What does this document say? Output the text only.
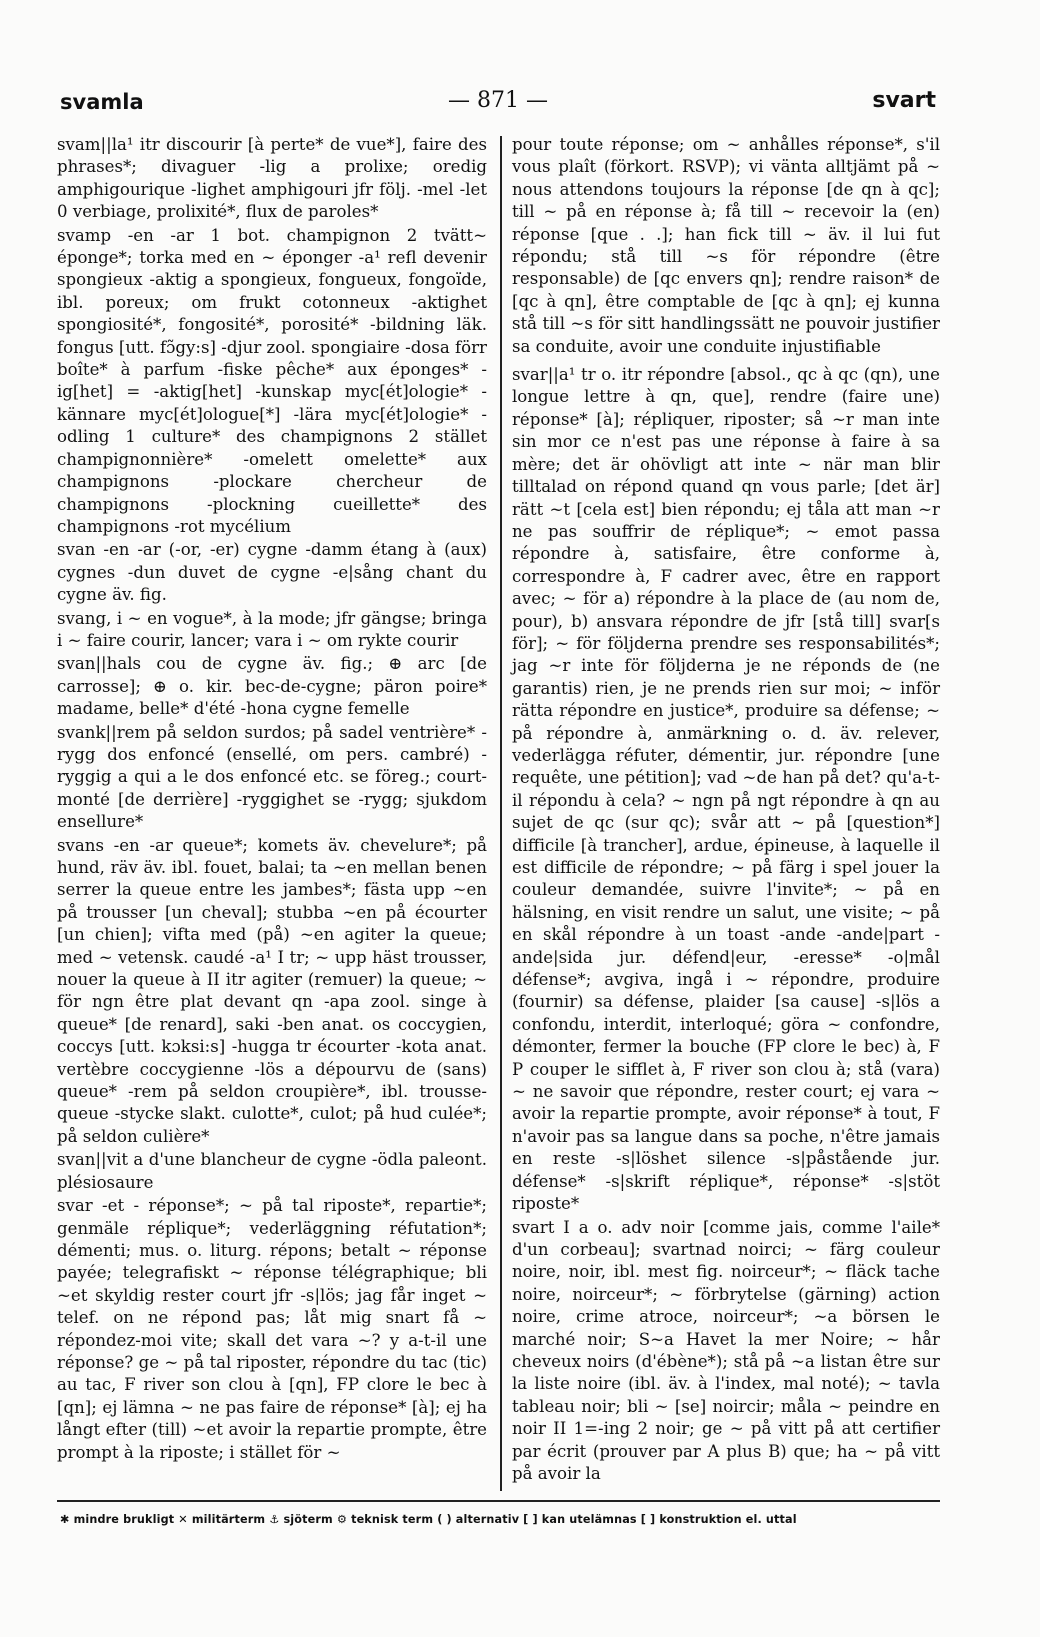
svamla	— 871 —	svart

svam||la¹ itr discourir [à perte* de vue*], faire des phrases*; divaguer -lig a prolixe; oredig amphigourique -lighet amphigouri jfr följ. -mel -let 0 verbiage, prolixité*, flux de paroles*

svamp -en -ar 1 bot. champignon 2 tvätt~ éponge*; torka med en ~ éponger -a¹ refl devenir spongieux -aktig a spongieux, fongueux, fongoïde, ibl. poreux; om frukt cotonneux -aktighet spongiosité*, fongosité*, porosité* -bildning läk. fongus [utt. fɔ̃gy:s] -djur zool. spongiaire -dosa förr boîte* à parfum -fiske pêche* aux éponges* -ig[het] = -aktig[het] -kunskap myc[ét]ologie* -kännare myc[ét]ologue[*] -lära myc[ét]ologie* -odling 1 culture* des champignons 2 stället champignonnière* -omelett omelette* aux champignons -plockare chercheur de champignons -plockning cueillette* des champignons -rot mycélium

svan -en -ar (-or, -er) cygne -damm étang à (aux) cygnes -dun duvet de cygne -e|sång chant du cygne äv. fig.

svang, i ~ en vogue*, à la mode; jfr gängse; bringa i ~ faire courir, lancer; vara i ~ om rykte courir

svan||hals cou de cygne äv. fig.; ⊕ arc [de carrosse]; ⊕ o. kir. bec-de-cygne; päron poire* madame, belle* d'été -hona cygne femelle

svank||rem på seldon surdos; på sadel ventrière* -rygg dos enfoncé (ensellé, om pers. cambré) -ryggig a qui a le dos enfoncé etc. se föreg.; court-monté [de derrière] -ryggighet se -rygg; sjukdom ensellure*

svans -en -ar queue*; komets äv. chevelure*; på hund, räv äv. ibl. fouet, balai; ta ~en mellan benen serrer la queue entre les jambes*; fästa upp ~en på trousser [un cheval]; stubba ~en på écourter [un chien]; vifta med (på) ~en agiter la queue; med ~ vetensk. caudé -a¹ I tr; ~ upp häst trousser, nouer la queue à II itr agiter (remuer) la queue; ~ för ngn être plat devant qn -apa zool. singe à queue* [de renard], saki -ben anat. os coccygien, coccys [utt. kɔksi:s] -hugga tr écourter -kota anat. vertèbre coccygienne -lös a dépourvu de (sans) queue* -rem på seldon croupière*, ibl. trousse-queue -stycke slakt. culotte*, culot; på hud culée*; på seldon culière*

svan||vit a d'une blancheur de cygne -ödla paleont. plésiosaure

svar -et - réponse*; ~ på tal riposte*, repartie*; genmäle réplique*; vederläggning réfutation*; démenti; mus. o. liturg. répons; betalt ~ réponse payée; telegrafiskt ~ réponse télégraphique; bli ~et skyldig rester court jfr -s|lös; jag får inget ~ telef. on ne répond pas; låt mig snart få ~ répondez-moi vite; skall det vara ~? y a-t-il une réponse? ge ~ på tal riposter, répondre du tac (tic) au tac, F river son clou à [qn], FP clore le bec à [qn]; ej lämna ~ ne pas faire de réponse* [à]; ej ha långt efter (till) ~et avoir la repartie prompte, être prompt à la riposte; i stället för ~

pour toute réponse; om ~ anhålles réponse*, s'il vous plaît (förkort. RSVP); vi vänta alltjämt på ~ nous attendons toujours la réponse [de qn à qc]; till ~ på en réponse à; få till ~ recevoir la (en) réponse [que . .]; han fick till ~ äv. il lui fut répondu; stå till ~s för répondre (être responsable) de [qc envers qn]; rendre raison* de [qc à qn], être comptable de [qc à qn]; ej kunna stå till ~s för sitt handlingssätt ne pouvoir justifier sa conduite, avoir une conduite injustifiable

svar||a¹ tr o. itr répondre [absol., qc à qc (qn), une longue lettre à qn, que], rendre (faire une) réponse* [à]; répliquer, riposter; så ~r man inte sin mor ce n'est pas une réponse à faire à sa mère; det är ohövligt att inte ~ när man blir tilltalad on répond quand qn vous parle; [det är] rätt ~t [cela est] bien répondu; ej tåla att man ~r ne pas souffrir de réplique*; ~ emot passa répondre à, satisfaire, être conforme à, correspondre à, F cadrer avec, être en rapport avec; ~ för a) répondre à la place de (au nom de, pour), b) ansvara répondre de jfr [stå till] svar[s för]; ~ för följderna prendre ses responsabilités*; jag ~r inte för följderna je ne réponds de (ne garantis) rien, je ne prends rien sur moi; ~ inför rätta répondre en justice*, produire sa défense; ~ på répondre à, anmärkning o. d. äv. relever, vederlägga réfuter, démentir, jur. répondre [une requête, une pétition]; vad ~de han på det? qu'a-t-il répondu à cela? ~ ngn på ngt répondre à qn au sujet de qc (sur qc); svår att ~ på [question*] difficile [à trancher], ardue, épineuse, à laquelle il est difficile de répondre; ~ på färg i spel jouer la couleur demandée, suivre l'invite*; ~ på en hälsning, en visit rendre un salut, une visite; ~ på en skål répondre à un toast -ande -ande|part -ande|sida jur. défend|eur, -eresse* -o|mål défense*; avgiva, ingå i ~ répondre, produire (fournir) sa défense, plaider [sa cause] -s|lös a confondu, interdit, interloqué; göra ~ confondre, démonter, fermer la bouche (FP clore le bec) à, F P couper le sifflet à, F river son clou à; stå (vara) ~ ne savoir que répondre, rester court; ej vara ~ avoir la repartie prompte, avoir réponse* à tout, F n'avoir pas sa langue dans sa poche, n'être jamais en reste -s|löshet silence -s|påstående jur. défense* -s|skrift réplique*, réponse* -s|stöt riposte*

svart I a o. adv noir [comme jais, comme l'aile* d'un corbeau]; svartnad noirci; ~ färg couleur noire, noir, ibl. mest fig. noirceur*; ~ fläck tache noire, noirceur*; ~ förbrytelse (gärning) action noire, crime atroce, noirceur*; ~a börsen le marché noir; S~a Havet la mer Noire; ~ hår cheveux noirs (d'ébène*); stå på ~a listan être sur la liste noire (ibl. äv. à l'index, mal noté); ~ tavla tableau noir; bli ~ [se] noircir; måla ~ peindre en noir II 1=-ing 2 noir; ge ~ på vitt på att certifier par écrit (prouver par A plus B) que; ha ~ på vitt på avoir la

✱ mindre brukligt ✕ militärterm ⚓ sjöterm ⚙ teknisk term ( ) alternativ [ ] kan utelämnas [ ] konstruktion el. uttal
